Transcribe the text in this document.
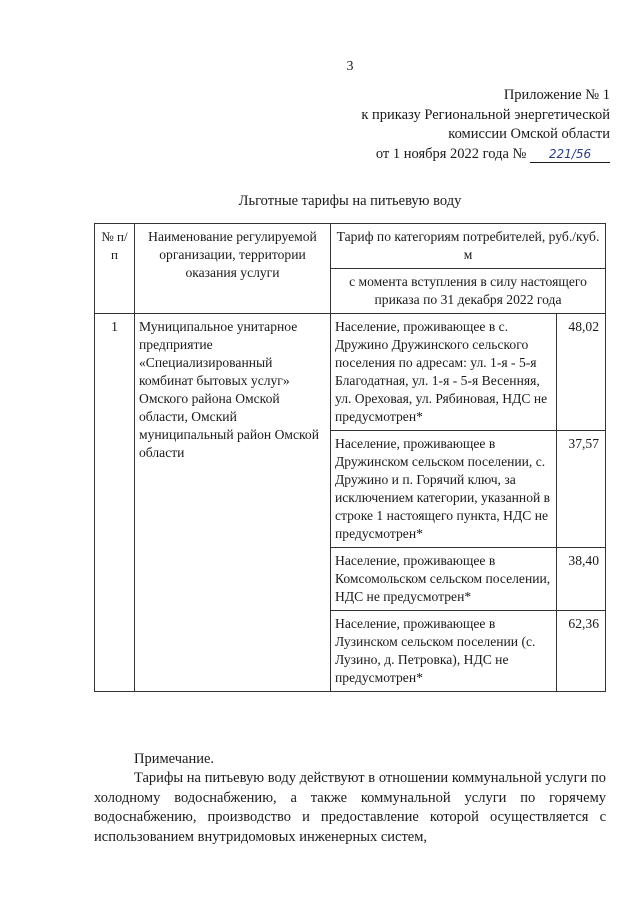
3
Приложение № 1
к приказу Региональной энергетической
комиссии Омской области
от 1 ноября 2022 года № 221/56
Льготные тарифы на питьевую воду
№ п/п	Наименование регулируемой организации, территории оказания услуги	Тариф по категориям потребителей, руб./куб. м	
		с момента вступления в силу настоящего приказа по 31 декабря 2022 года	
1	Муниципальное унитарное предприятие «Специализированный комбинат бытовых услуг» Омского района Омской области, Омский муниципальный район Омской области	Население, проживающее в с. Дружино Дружинского сельского поселения по адресам: ул. 1-я - 5-я Благодатная, ул. 1-я - 5-я Весенняя, ул. Ореховая, ул. Рябиновая, НДС не предусмотрен*	48,02
		Население, проживающее в Дружинском сельском поселении, с. Дружино и п. Горячий ключ, за исключением категории, указанной в строке 1 настоящего пункта, НДС не предусмотрен*	37,57
		Население, проживающее в Комсомольском сельском поселении, НДС не предусмотрен*	38,40
		Население, проживающее в Лузинском сельском поселении (с. Лузино, д. Петровка), НДС не предусмотрен*	62,36
Примечание.
Тарифы на питьевую воду действуют в отношении коммунальной услуги по холодному водоснабжению, а также коммунальной услуги по горячему водоснабжению, производство и предоставление которой осуществляется с использованием внутридомовых инженерных систем,
